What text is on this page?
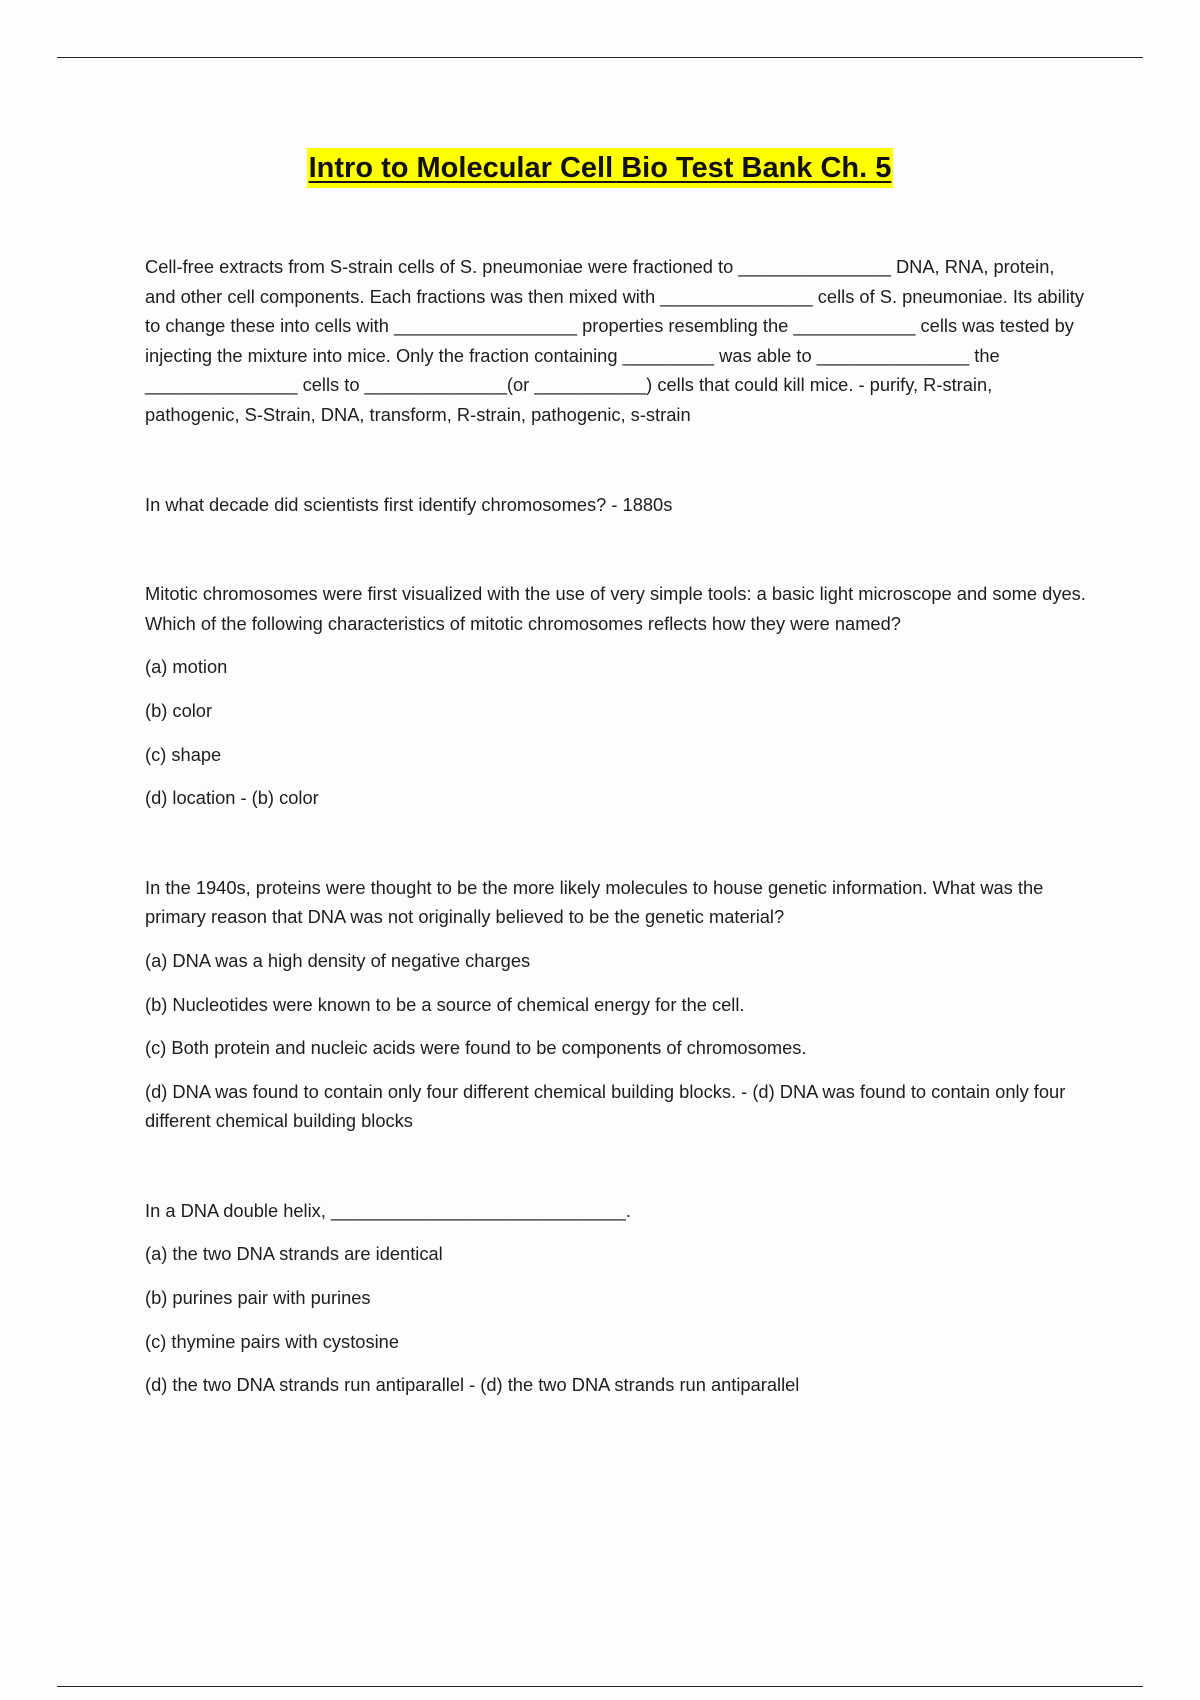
Intro to Molecular Cell Bio Test Bank Ch. 5

Cell-free extracts from S-strain cells of S. pneumoniae were fractioned to _______________ DNA, RNA, protein, and other cell components. Each fractions was then mixed with _______________ cells of S. pneumoniae. Its ability to change these into cells with __________________ properties resembling the ____________ cells was tested by injecting the mixture into mice. Only the fraction containing _________ was able to _______________ the _______________ cells to ______________(or ___________) cells that could kill mice. - purify, R-strain, pathogenic, S-Strain, DNA, transform, R-strain, pathogenic, s-strain

In what decade did scientists first identify chromosomes? - 1880s

Mitotic chromosomes were first visualized with the use of very simple tools: a basic light microscope and some dyes. Which of the following characteristics of mitotic chromosomes reflects how they were named?

(a) motion

(b) color

(c) shape

(d) location - (b) color

In the 1940s, proteins were thought to be the more likely molecules to house genetic information. What was the primary reason that DNA was not originally believed to be the genetic material?

(a) DNA was a high density of negative charges

(b) Nucleotides were known to be a source of chemical energy for the cell.

(c) Both protein and nucleic acids were found to be components of chromosomes.

(d) DNA was found to contain only four different chemical building blocks. - (d) DNA was found to contain only four different chemical building blocks

In a DNA double helix, _____________________________.

(a) the two DNA strands are identical

(b) purines pair with purines

(c) thymine pairs with cystosine

(d) the two DNA strands run antiparallel - (d) the two DNA strands run antiparallel
